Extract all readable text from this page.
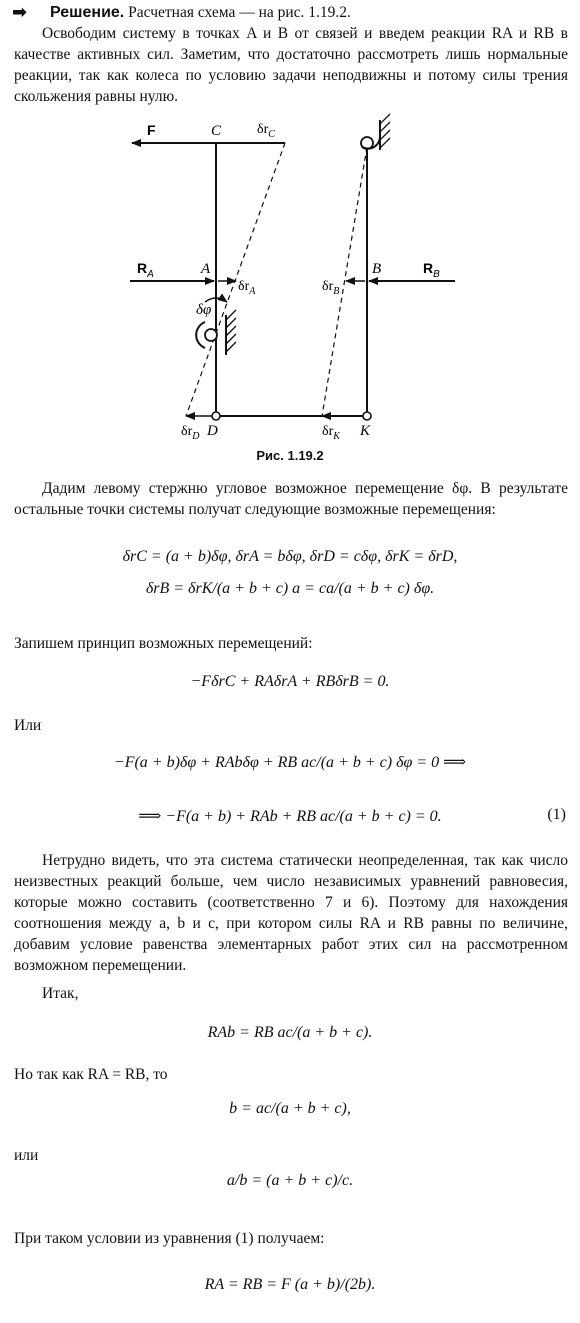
➡ Решение. Расчетная схема — на рис. 1.19.2.
Освободим систему в точках A и B от связей и введем реакции RA и RB в качестве активных сил. Заметим, что достаточно рассмотреть лишь нормальные реакции, так как колеса по условию задачи неподвижны и потому силы трения скольжения равны нулю.
F	C	$\delta r_C$
$R_A$	A
$\delta r_A$
δφ
$\delta r_B$
B	$R_B$
$\delta r_D$ D	$\delta r_K$ K
Рис. 1.19.2
Дадим левому стержню угловое возможное перемещение δφ. В результате остальные точки системы получат следующие возможные перемещения:
δrC = (a + b)δφ, δrA = bδφ, δrD = cδφ, δrK = δrD,
δrB = δrK/(a + b + c) a = ca/(a + b + c) δφ.
Запишем принцип возможных перемещений:
−FδrC + RAδrA + RBδrB = 0.
Или
−F(a + b)δφ + RAbδφ + RB ac/(a + b + c) δφ = 0 ⟹
⟹ −F(a + b) + RAb + RB ac/(a + b + c) = 0.	(1)
Нетрудно видеть, что эта система статически неопределенная, так как число неизвестных реакций больше, чем число независимых уравнений равновесия, которые можно составить (соответственно 7 и 6). Поэтому для нахождения соотношения между a, b и c, при котором силы RA и RB равны по величине, добавим условие равенства элементарных работ этих сил на рассмотренном возможном перемещении.
Итак,
RAb = RB ac/(a + b + c).
Но так как RA = RB, то
b = ac/(a + b + c),
или
a/b = (a + b + c)/c.
При таком условии из уравнения (1) получаем:
RA = RB = F (a + b)/(2b).
